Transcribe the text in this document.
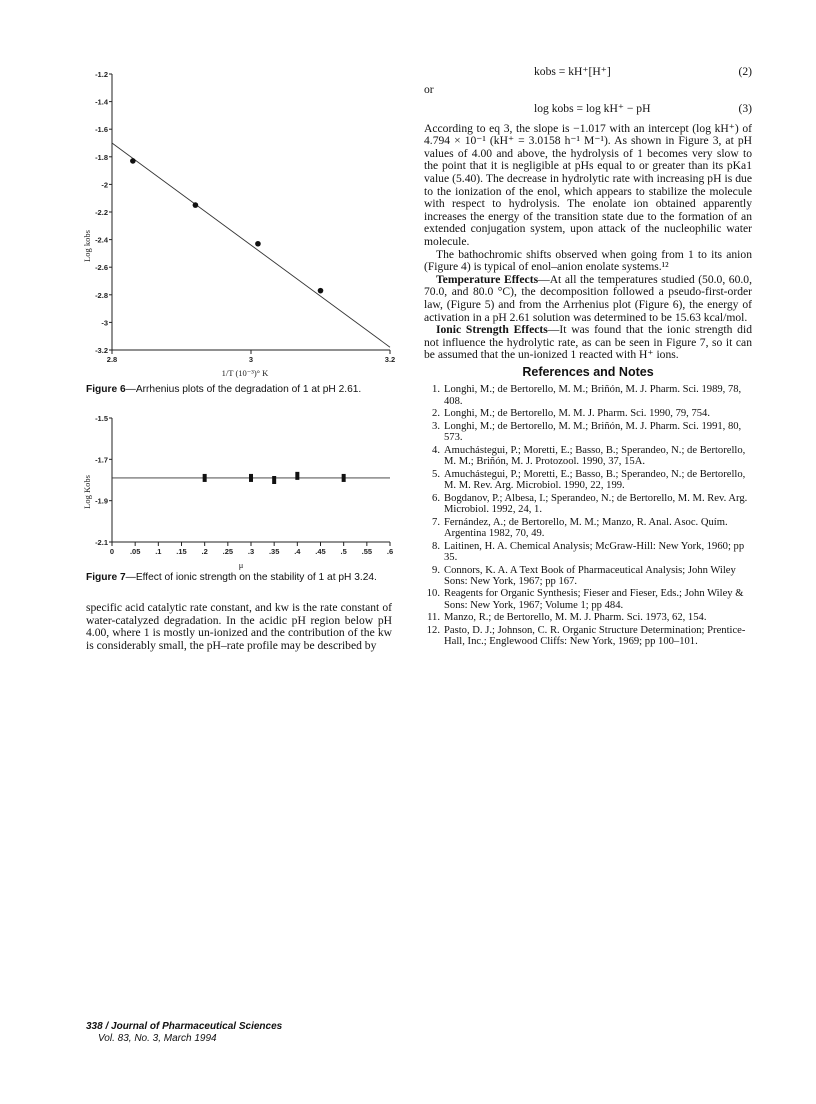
-1.2
-1.4
-1.6
-1.8
-2
-2.2
-2.4
-2.6
-2.8
-3
-3.2
2.8	3	3.2
1/T (10⁻³)° K
Log kobs

Figure 6—Arrhenius plots of the degradation of 1 at pH 2.61.

-1.5
-1.7
-1.9
-2.1
0 .05 .1 .15 .2 .25 .3 .35 .4 .45 .5 .55 .6
μ
Log Kobs

Figure 7—Effect of ionic strength on the stability of 1 at pH 3.24.

specific acid catalytic rate constant, and kw is the rate constant of water-catalyzed degradation. In the acidic pH region below pH 4.00, where 1 is mostly un-ionized and the contribution of the kw is considerably small, the pH–rate profile may be described by

kobs = kH⁺[H⁺]	(2)

or

log kobs = log kH⁺ − pH	(3)

According to eq 3, the slope is −1.017 with an intercept (log kH⁺) of 4.794 × 10⁻¹ (kH⁺ = 3.0158 h⁻¹ M⁻¹). As shown in Figure 3, at pH values of 4.00 and above, the hydrolysis of 1 becomes very slow to the point that it is negligible at pHs equal to or greater than its pKa1 value (5.40). The decrease in hydrolytic rate with increasing pH is due to the ionization of the enol, which appears to stabilize the molecule with respect to hydrolysis. The enolate ion obtained apparently increases the energy of the transition state due to the formation of an extended conjugation system, upon attack of the nucleophilic water molecule.

The bathochromic shifts observed when going from 1 to its anion (Figure 4) is typical of enol–anion enolate systems.¹²

Temperature Effects—At all the temperatures studied (50.0, 60.0, 70.0, and 80.0 °C), the decomposition followed a pseudo-first-order law, (Figure 5) and from the Arrhenius plot (Figure 6), the energy of activation in a pH 2.61 solution was determined to be 15.63 kcal/mol.

Ionic Strength Effects—It was found that the ionic strength did not influence the hydrolytic rate, as can be seen in Figure 7, so it can be assumed that the un-ionized 1 reacted with H⁺ ions.

References and Notes
1. Longhi, M.; de Bertorello, M. M.; Briñón, M. J. Pharm. Sci. 1989, 78, 408.
2. Longhi, M.; de Bertorello, M. M. J. Pharm. Sci. 1990, 79, 754.
3. Longhi, M.; de Bertorello, M. M.; Briñón, M. J. Pharm. Sci. 1991, 80, 573.
4. Amuchástegui, P.; Moretti, E.; Basso, B.; Sperandeo, N.; de Bertorello, M. M.; Briñón, M. J. Protozool. 1990, 37, 15A.
5. Amuchástegui, P.; Moretti, E.; Basso, B.; Sperandeo, N.; de Bertorello, M. M. Rev. Arg. Microbiol. 1990, 22, 199.
6. Bogdanov, P.; Albesa, I.; Sperandeo, N.; de Bertorello, M. M. Rev. Arg. Microbiol. 1992, 24, 1.
7. Fernández, A.; de Bertorello, M. M.; Manzo, R. Anal. Asoc. Quím. Argentina 1982, 70, 49.
8. Laitinen, H. A. Chemical Analysis; McGraw-Hill: New York, 1960; pp 35.
9. Connors, K. A. A Text Book of Pharmaceutical Analysis; John Wiley Sons: New York, 1967; pp 167.
10. Reagents for Organic Synthesis; Fieser and Fieser, Eds.; John Wiley & Sons: New York, 1967; Volume 1; pp 484.
11. Manzo, R.; de Bertorello, M. M. J. Pharm. Sci. 1973, 62, 154.
12. Pasto, D. J.; Johnson, C. R. Organic Structure Determination; Prentice-Hall, Inc.; Englewood Cliffs: New York, 1969; pp 100–101.
338 / Journal of Pharmaceutical Sciences
Vol. 83, No. 3, March 1994
